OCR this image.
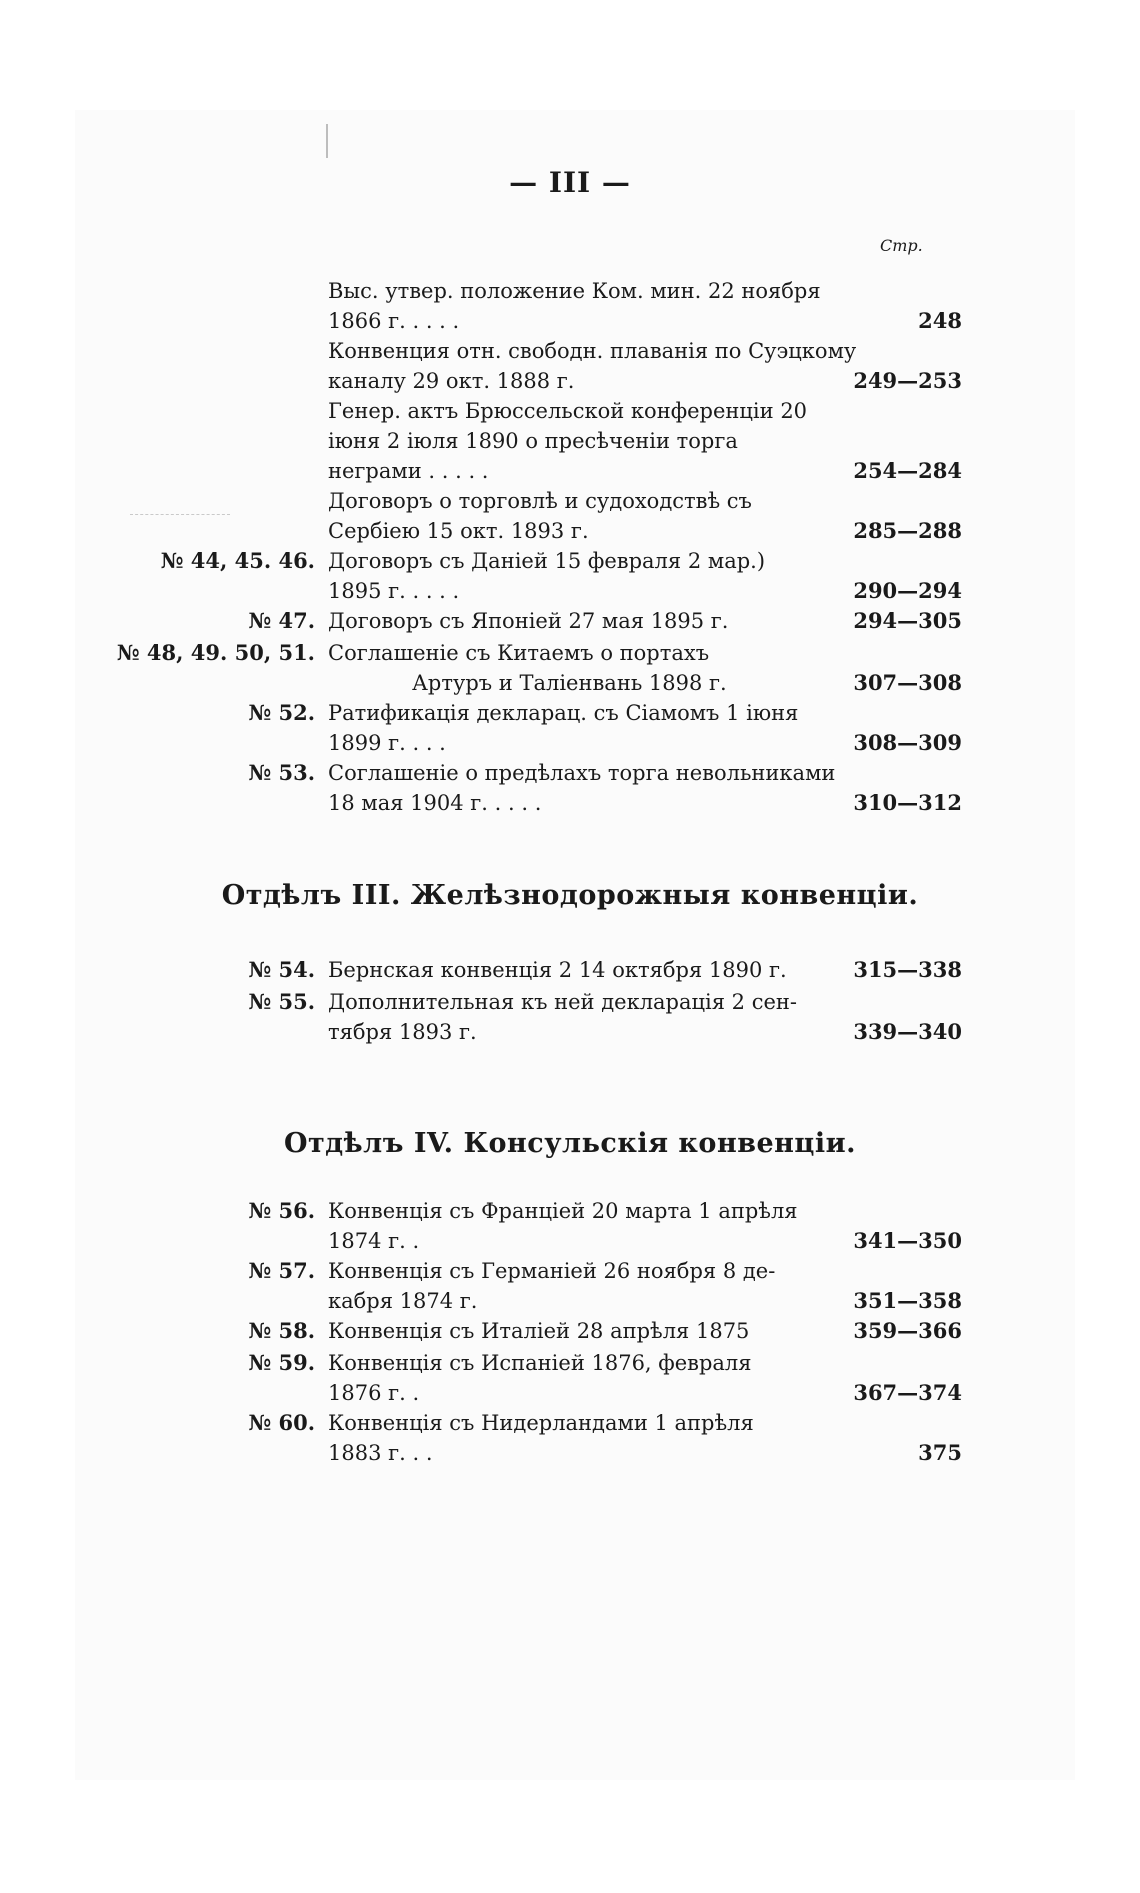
— III —
Стр.
Выс. утвер. положение Ком. мин. 22 ноября
1866 г. . . . .	248
Конвенция отн. свободн. плаванія по Суэцкому
каналу 29 окт. 1888 г.	249—253
Генер. актъ Брюссельской конференціи 20
іюня 2 іюля 1890 о пресѣченіи торга
неграми . . . . .	254—284
Договоръ о торговлѣ и судоходствѣ съ
Сербіею 15 окт. 1893 г.	285—288
№ 44, 45. 46. Договоръ съ Даніей 15 февраля 2 мар.)
1895 г. . . . .	290—294
№ 47. Договоръ съ Японіей 27 мая 1895 г.	294—305
№ 48, 49. 50, 51. Соглашеніе съ Китаемъ о портахъ
Артуръ и Таліенвань 1898 г.	307—308
№ 52. Ратификація декларац. съ Сіамомъ 1 іюня
1899 г. . . .	308—309
№ 53. Соглашеніе о предѣлахъ торга невольниками
18 мая 1904 г. . . . .	310—312
Отдѣлъ III. Желѣзнодорожныя конвенціи.
№ 54. Бернская конвенція 2 14 октября 1890 г.	315—338
№ 55. Дополнительная къ ней декларація 2 сен-
тября 1893 г.	339—340
Отдѣлъ IV. Консульскія конвенціи.
№ 56. Конвенція съ Франціей 20 марта 1 апрѣля
1874 г. .	341—350
№ 57. Конвенція съ Германіей 26 ноября 8 де-
кабря 1874 г.	351—358
№ 58. Конвенція съ Италіей 28 апрѣля 1875	359—366
№ 59. Конвенція съ Испаніей 1876, февраля
1876 г. .	367—374
№ 60. Конвенція съ Нидерландами 1 апрѣля
1883 г. . .	375
